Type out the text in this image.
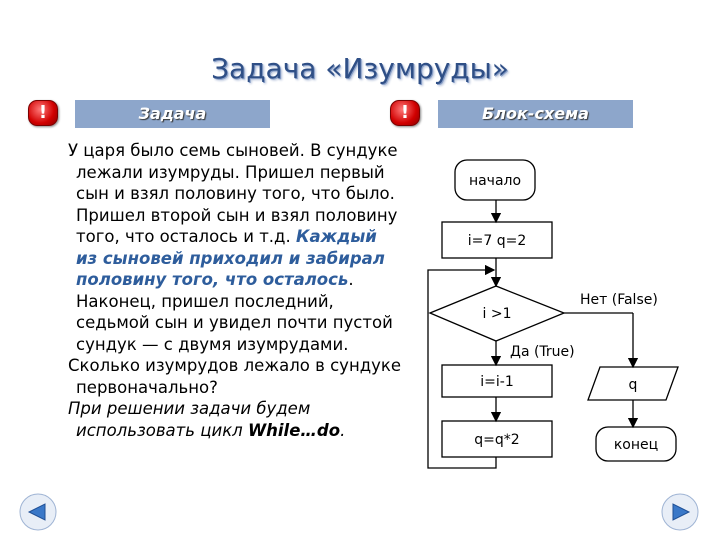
Задача «Изумруды»
!	Задача	!	Блок-схема

У царя было семь сыновей. В сундуке лежали изумруды. Пришел первый сын и взял половину того, что было. Пришел второй сын и взял половину того, что осталось и т.д. Каждый из сыновей приходил и забирал половину того, что осталось. Наконец, пришел последний, седьмой сын и увидел почти пустой сундук — с двумя изумрудами.

Сколько изумрудов лежало в сундуке первоначально?

При решении задачи будем использовать цикл While…do.

начало
i=7 q=2
i >1
Нет (False)
Да (True)
i=i-1
q=q*2
q
конец
